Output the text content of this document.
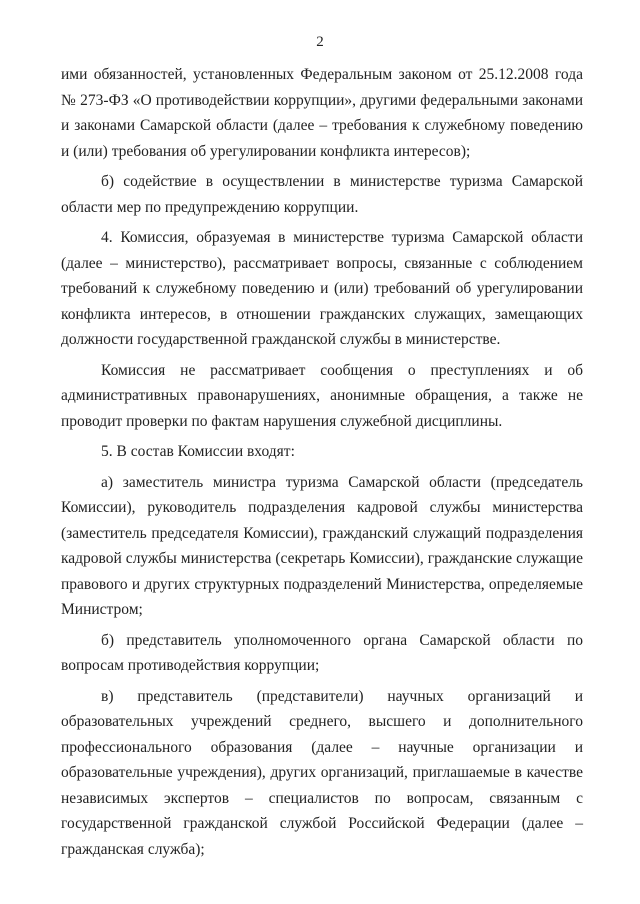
2

ими обязанностей, установленных Федеральным законом от 25.12.2008 года № 273-ФЗ «О противодействии коррупции», другими федеральными законами и законами Самарской области (далее – требования к служебному поведению и (или) требования об урегулировании конфликта интересов);

б) содействие в осуществлении в министерстве туризма Самарской области мер по предупреждению коррупции.

4. Комиссия, образуемая в министерстве туризма Самарской области (далее – министерство), рассматривает вопросы, связанные с соблюдением требований к служебному поведению и (или) требований об урегулировании конфликта интересов, в отношении гражданских служащих, замещающих должности государственной гражданской службы в министерстве.

Комиссия не рассматривает сообщения о преступлениях и об административных правонарушениях, анонимные обращения, а также не проводит проверки по фактам нарушения служебной дисциплины.

5. В состав Комиссии входят:

а) заместитель министра туризма Самарской области (председатель Комиссии), руководитель подразделения кадровой службы министерства (заместитель председателя Комиссии), гражданский служащий подразделения кадровой службы министерства (секретарь Комиссии), гражданские служащие правового и других структурных подразделений Министерства, определяемые Министром;

б) представитель уполномоченного органа Самарской области по вопросам противодействия коррупции;

в) представитель (представители) научных организаций и образовательных учреждений среднего, высшего и дополнительного профессионального образования (далее – научные организации и образовательные учреждения), других организаций, приглашаемые в качестве независимых экспертов – специалистов по вопросам, связанным с государственной гражданской службой Российской Федерации (далее – гражданская служба);
